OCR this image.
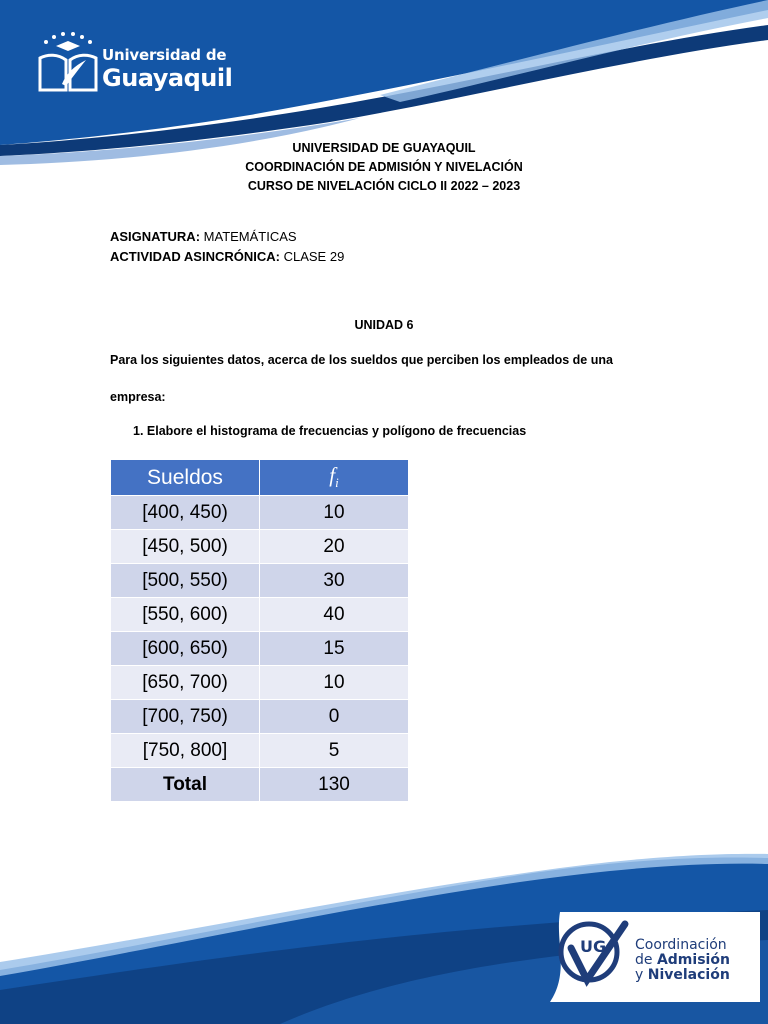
Universidad de
Guayaquil
UNIVERSIDAD DE GUAYAQUIL
COORDINACIÓN DE ADMISIÓN Y NIVELACIÓN
CURSO DE NIVELACIÓN CICLO II 2022 – 2023
ASIGNATURA: MATEMÁTICAS
ACTIVIDAD ASINCRÓNICA: CLASE 29
UNIDAD 6
Para los siguientes datos, acerca de los sueldos que perciben los empleados de una
empresa:
1. Elabore el histograma de frecuencias y polígono de frecuencias
Sueldos	$f_i$
[400, 450)	10
[450, 500)	20
[500, 550)	30
[550, 600)	40
[600, 650)	15
[650, 700)	10
[700, 750)	0
[750, 800]	5
Total	130
UG Coordinación
de Admisión
y Nivelación
